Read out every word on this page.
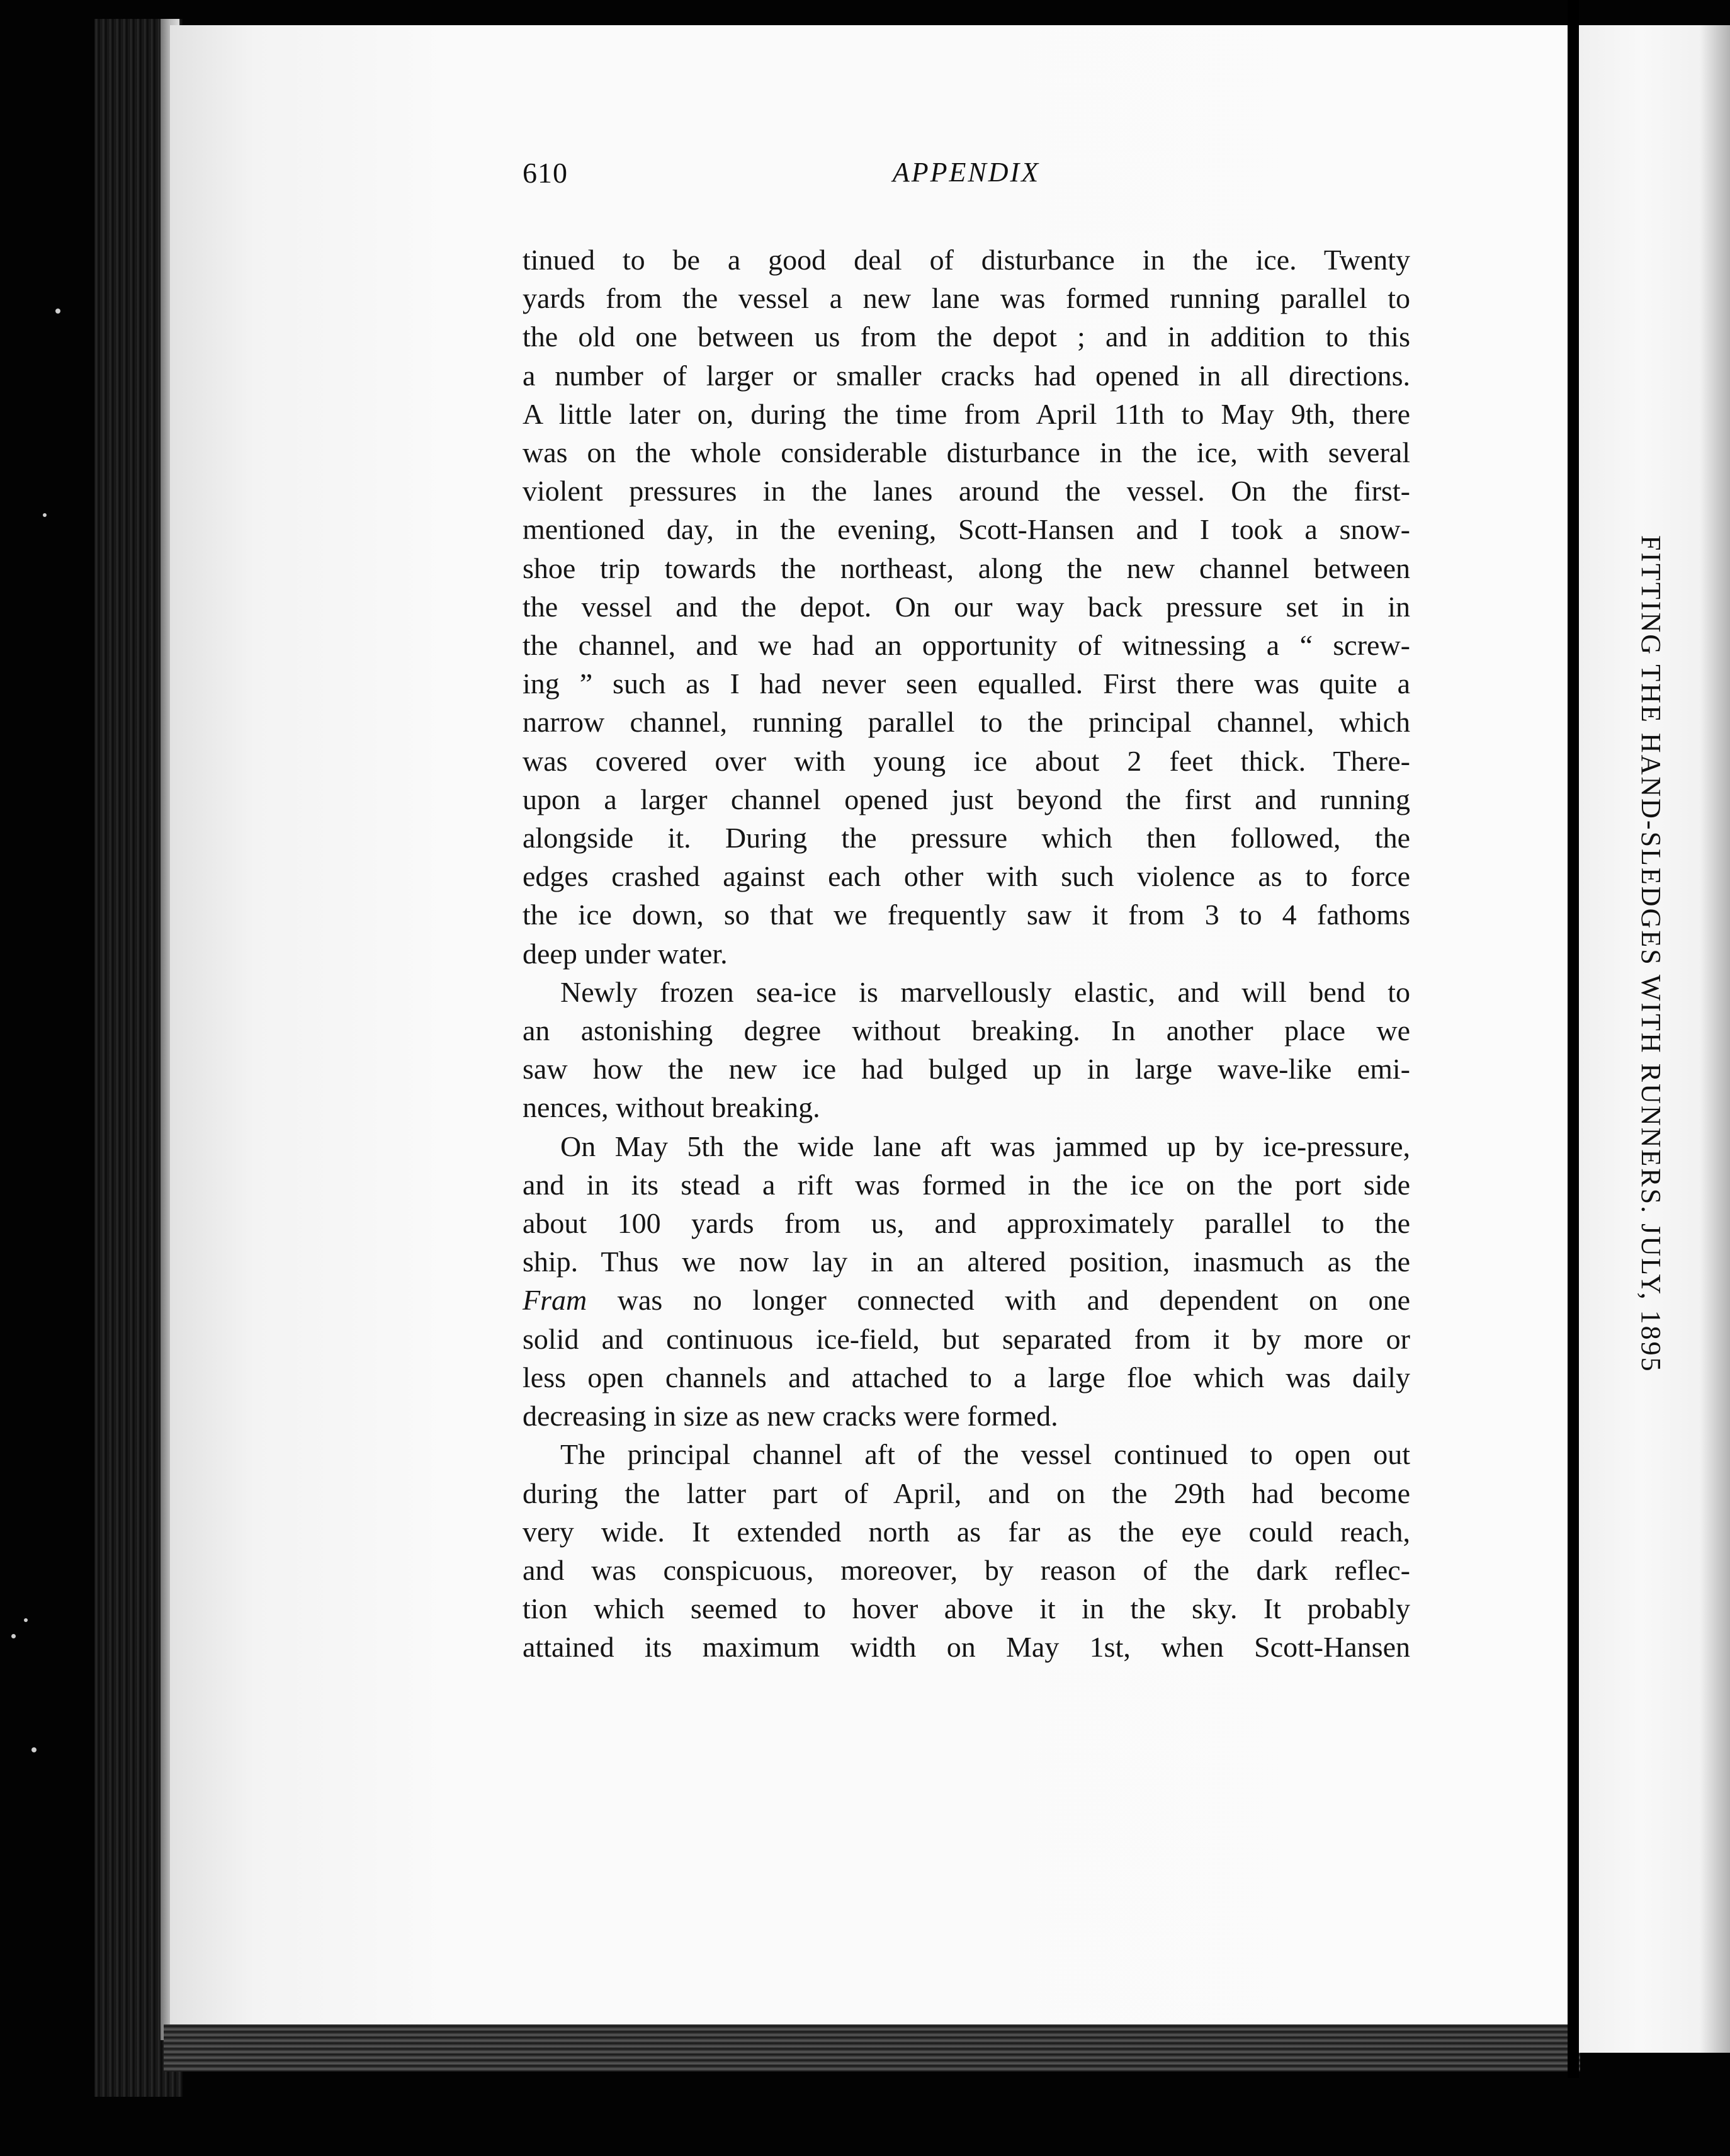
610	APPENDIX
tinued to be a good deal of disturbance in the ice. Twenty
yards from the vessel a new lane was formed running parallel to
the old one between us from the depot ; and in addition to this
a number of larger or smaller cracks had opened in all directions.
A little later on, during the time from April 11th to May 9th, there
was on the whole considerable disturbance in the ice, with several
violent pressures in the lanes around the vessel. On the first-
mentioned day, in the evening, Scott-Hansen and I took a snow-
shoe trip towards the northeast, along the new channel between
the vessel and the depot. On our way back pressure set in in
the channel, and we had an opportunity of witnessing a “ screw-
ing ” such as I had never seen equalled. First there was quite a
narrow channel, running parallel to the principal channel, which
was covered over with young ice about 2 feet thick. There-
upon a larger channel opened just beyond the first and running
alongside it. During the pressure which then followed, the
edges crashed against each other with such violence as to force
the ice down, so that we frequently saw it from 3 to 4 fathoms
deep under water.
Newly frozen sea-ice is marvellously elastic, and will bend to
an astonishing degree without breaking. In another place we
saw how the new ice had bulged up in large wave-like emi-
nences, without breaking.
On May 5th the wide lane aft was jammed up by ice-pressure,
and in its stead a rift was formed in the ice on the port side
about 100 yards from us, and approximately parallel to the
ship. Thus we now lay in an altered position, inasmuch as the
Fram was no longer connected with and dependent on one
solid and continuous ice-field, but separated from it by more or
less open channels and attached to a large floe which was daily
decreasing in size as new cracks were formed.
The principal channel aft of the vessel continued to open out
during the latter part of April, and on the 29th had become
very wide. It extended north as far as the eye could reach,
and was conspicuous, moreover, by reason of the dark reflec-
tion which seemed to hover above it in the sky. It probably
attained its maximum width on May 1st, when Scott-Hansen
FITTING THE HAND-SLEDGES WITH RUNNERS. JULY, 1895
